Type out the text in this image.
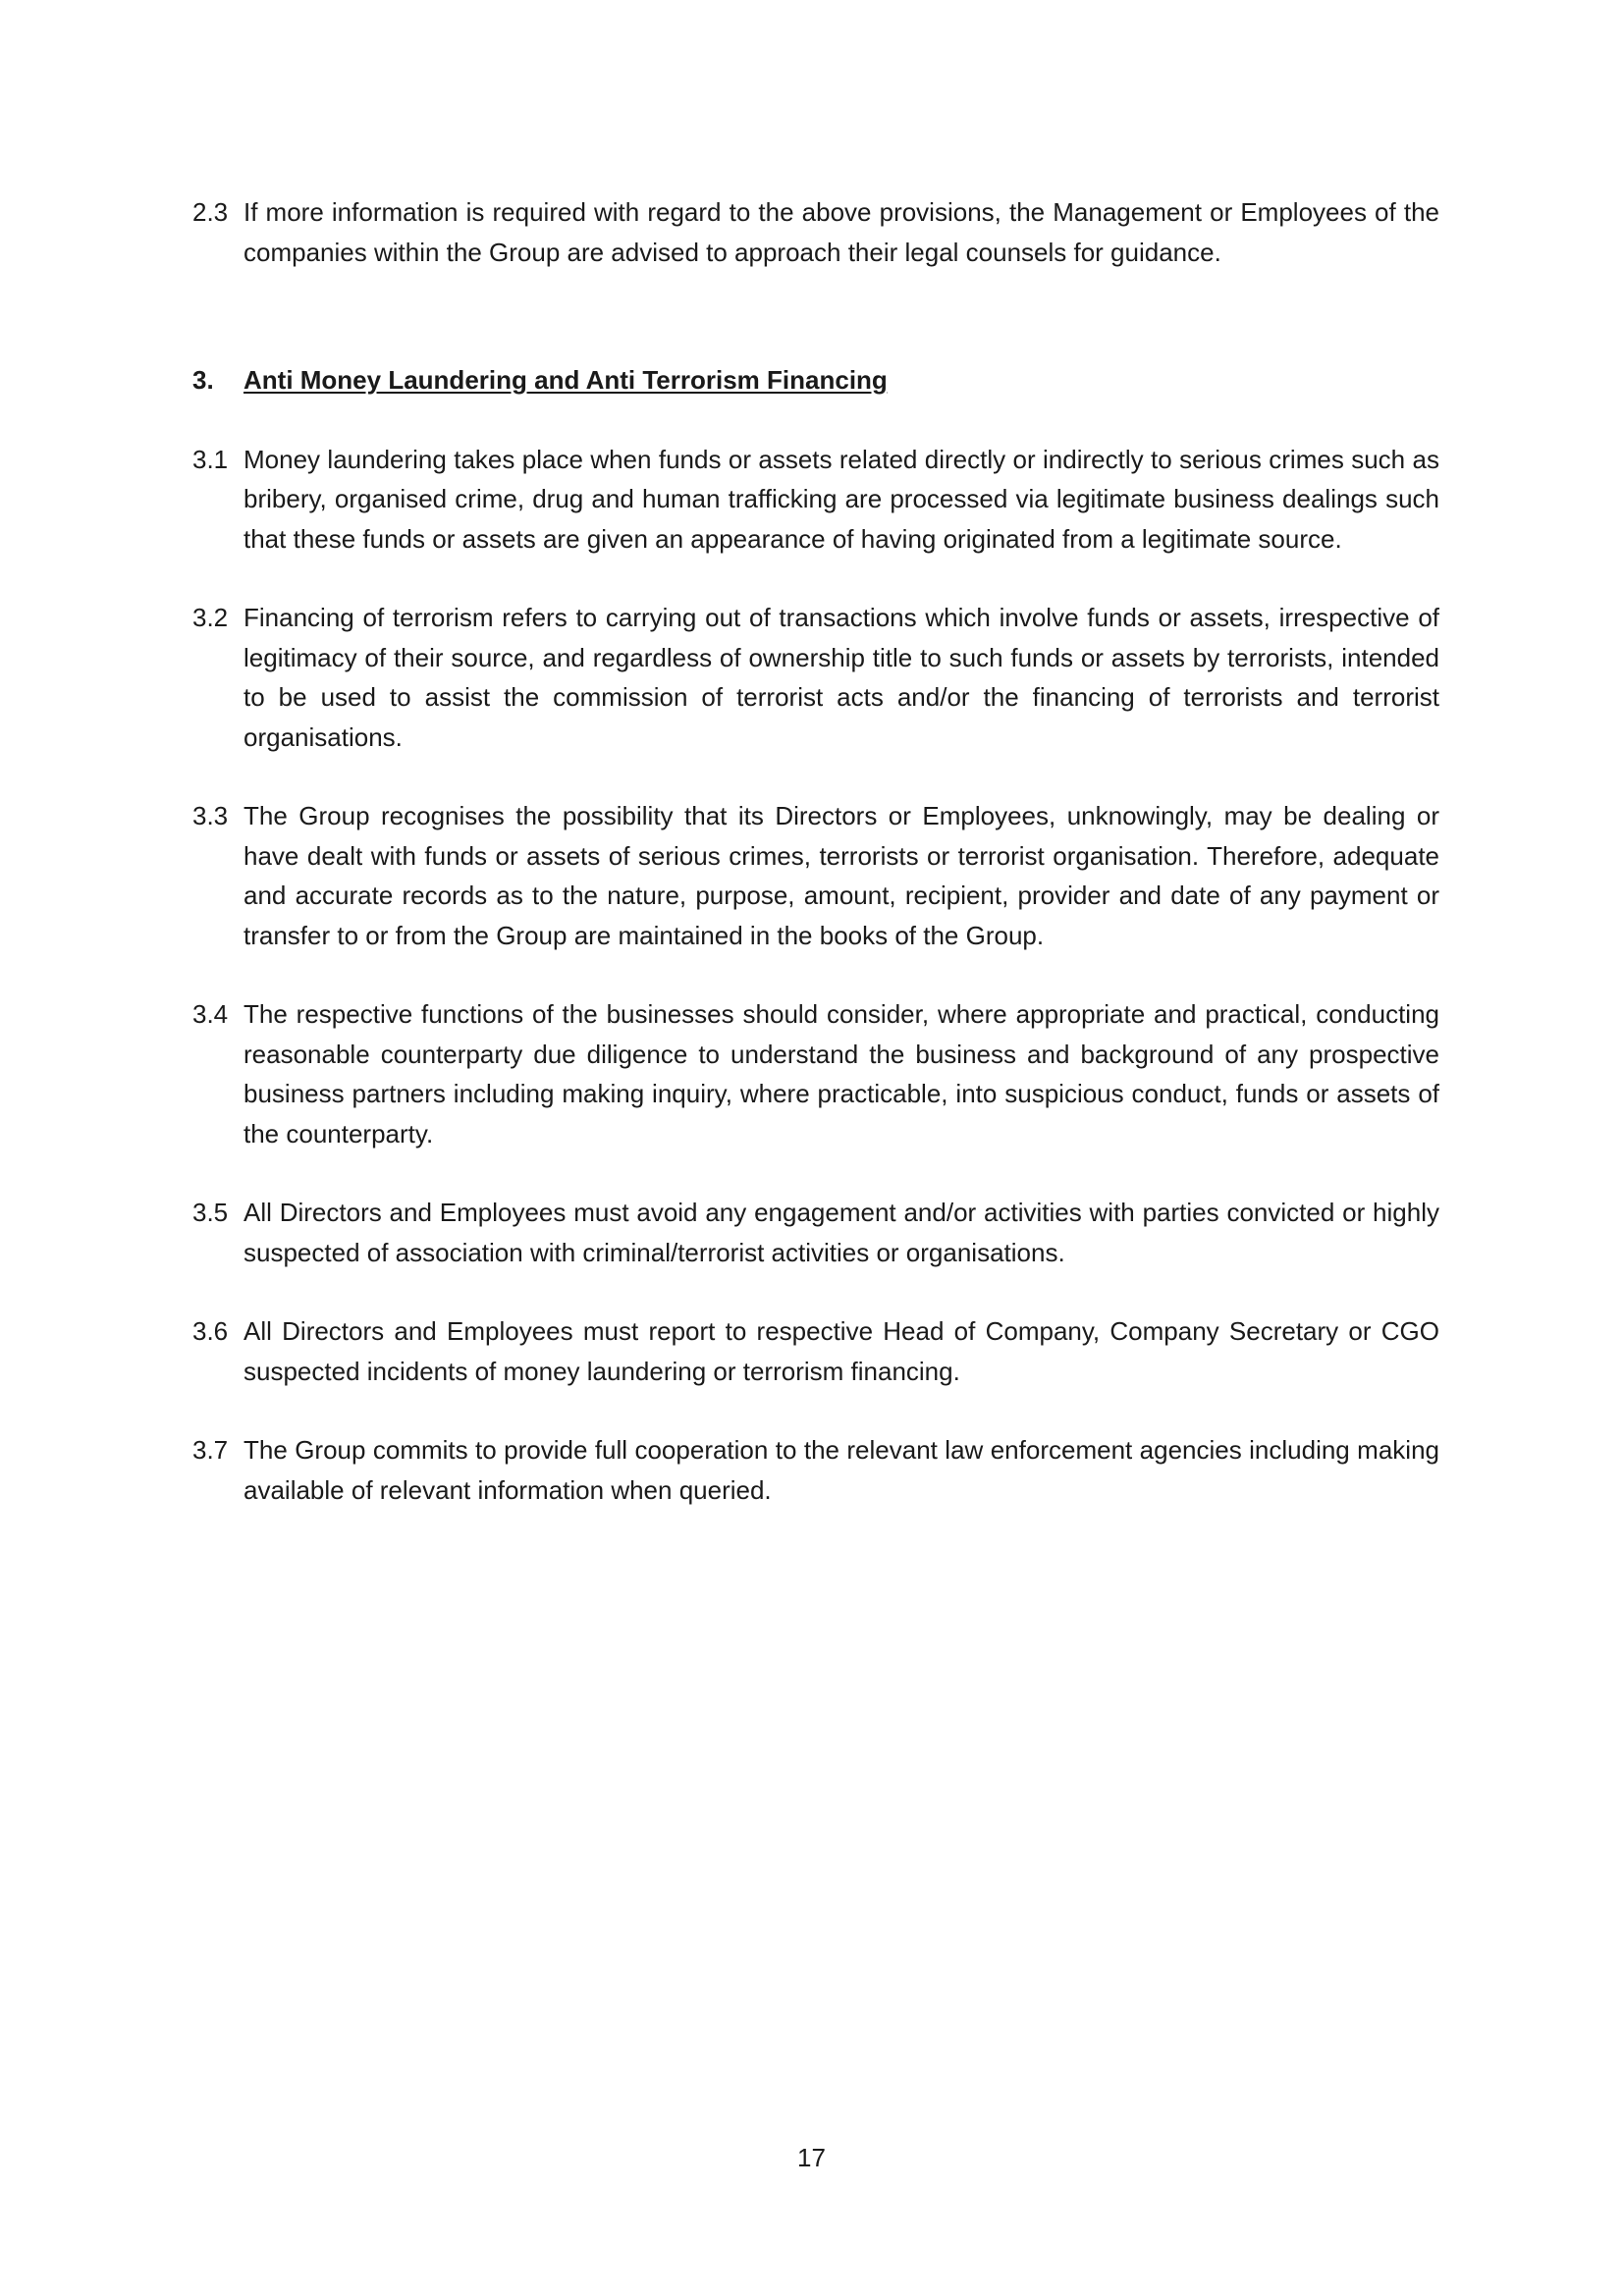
2.3 If more information is required with regard to the above provisions, the Management or Employees of the companies within the Group are advised to approach their legal counsels for guidance.
3.	Anti Money Laundering and Anti Terrorism Financing
3.1 Money laundering takes place when funds or assets related directly or indirectly to serious crimes such as bribery, organised crime, drug and human trafficking are processed via legitimate business dealings such that these funds or assets are given an appearance of having originated from a legitimate source.
3.2 Financing of terrorism refers to carrying out of transactions which involve funds or assets, irrespective of legitimacy of their source, and regardless of ownership title to such funds or assets by terrorists, intended to be used to assist the commission of terrorist acts and/or the financing of terrorists and terrorist organisations.
3.3 The Group recognises the possibility that its Directors or Employees, unknowingly, may be dealing or have dealt with funds or assets of serious crimes, terrorists or terrorist organisation. Therefore, adequate and accurate records as to the nature, purpose, amount, recipient, provider and date of any payment or transfer to or from the Group are maintained in the books of the Group.
3.4 The respective functions of the businesses should consider, where appropriate and practical, conducting reasonable counterparty due diligence to understand the business and background of any prospective business partners including making inquiry, where practicable, into suspicious conduct, funds or assets of the counterparty.
3.5 All Directors and Employees must avoid any engagement and/or activities with parties convicted or highly suspected of association with criminal/terrorist activities or organisations.
3.6 All Directors and Employees must report to respective Head of Company, Company Secretary or CGO suspected incidents of money laundering or terrorism financing.
3.7 The Group commits to provide full cooperation to the relevant law enforcement agencies including making available of relevant information when queried.
17
